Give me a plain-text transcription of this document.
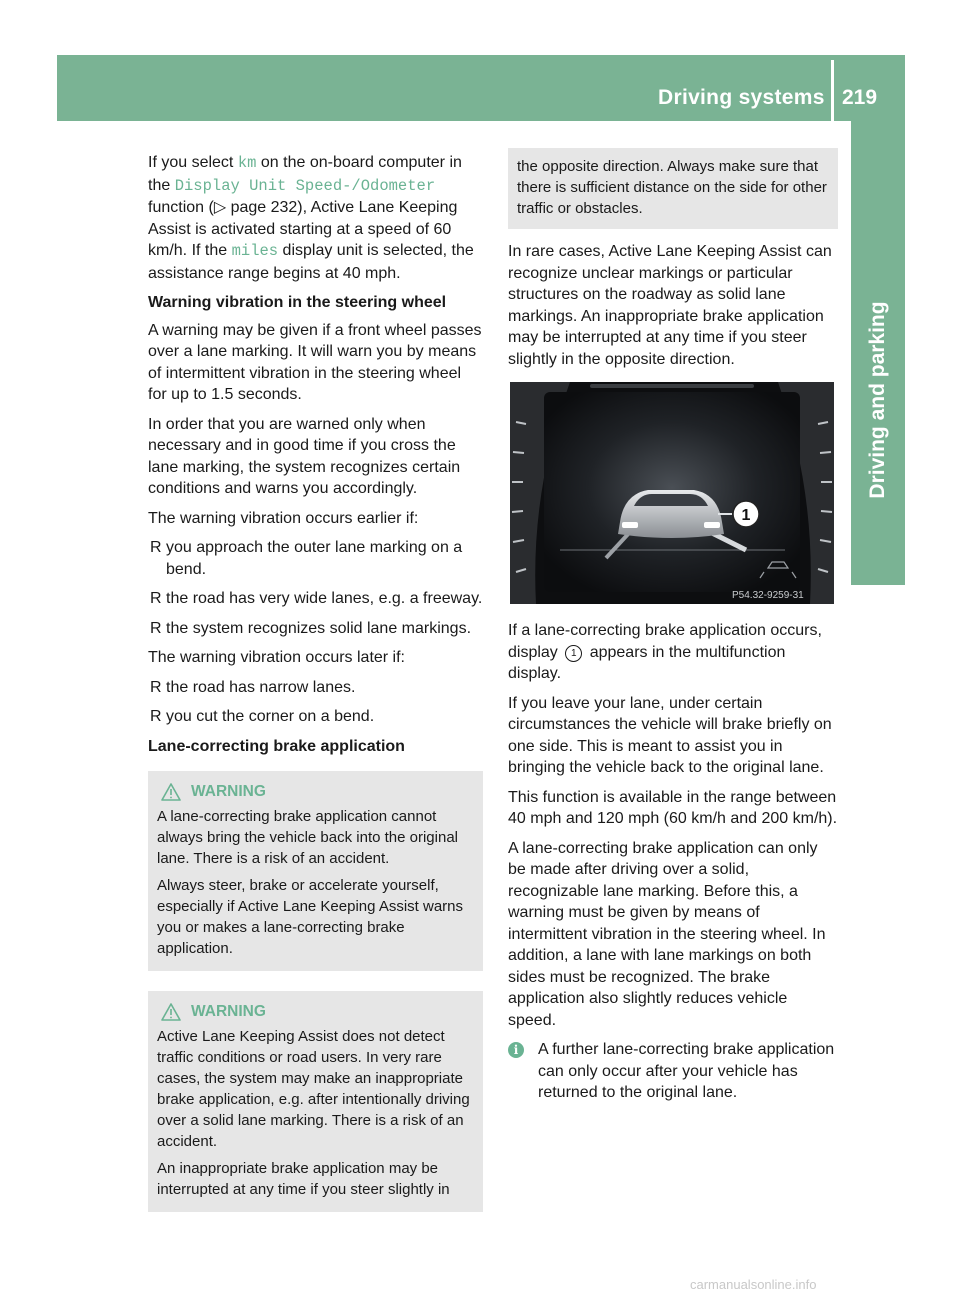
Driving systems 219
Driving and parking

If you select km on the on-board computer in the Display Unit Speed-/Odometer function (▷ page 232), Active Lane Keeping Assist is activated starting at a speed of 60 km/h. If the miles display unit is selected, the assistance range begins at 40 mph.

Warning vibration in the steering wheel

A warning may be given if a front wheel passes over a lane marking. It will warn you by means of intermittent vibration in the steering wheel for up to 1.5 seconds.

In order that you are warned only when necessary and in good time if you cross the lane marking, the system recognizes certain conditions and warns you accordingly.

The warning vibration occurs earlier if:

R you approach the outer lane marking on a bend.
R the road has very wide lanes, e.g. a freeway.
R the system recognizes solid lane markings.

The warning vibration occurs later if:

R the road has narrow lanes.
R you cut the corner on a bend.
Lane-correcting brake application
WARNING

A lane-correcting brake application cannot always bring the vehicle back into the original lane. There is a risk of an accident.

Always steer, brake or accelerate yourself, especially if Active Lane Keeping Assist warns you or makes a lane-correcting brake application.

WARNING

Active Lane Keeping Assist does not detect traffic conditions or road users. In very rare cases, the system may make an inappropriate brake application, e.g. after intentionally driving over a solid lane marking. There is a risk of an accident.

An inappropriate brake application may be interrupted at any time if you steer slightly in

the opposite direction. Always make sure that there is sufficient distance on the side for other traffic or obstacles.

In rare cases, Active Lane Keeping Assist can recognize unclear markings or particular structures on the roadway as solid lane markings. An inappropriate brake application may be interrupted at any time if you steer slightly in the opposite direction.

1
P54.32-9259-31

If a lane-correcting brake application occurs, display 1 appears in the multifunction display.

If you leave your lane, under certain circumstances the vehicle will brake briefly on one side. This is meant to assist you in bringing the vehicle back to the original lane.

This function is available in the range between 40 mph and 120 mph (60 km/h and 200 km/h).

A lane-correcting brake application can only be made after driving over a solid, recognizable lane marking. Before this, a warning must be given by means of intermittent vibration in the steering wheel. In addition, a lane with lane markings on both sides must be recognized. The brake application also slightly reduces vehicle speed.

i	A further lane-correcting brake application can only occur after your vehicle has returned to the original lane.
carmanualsonline.info
